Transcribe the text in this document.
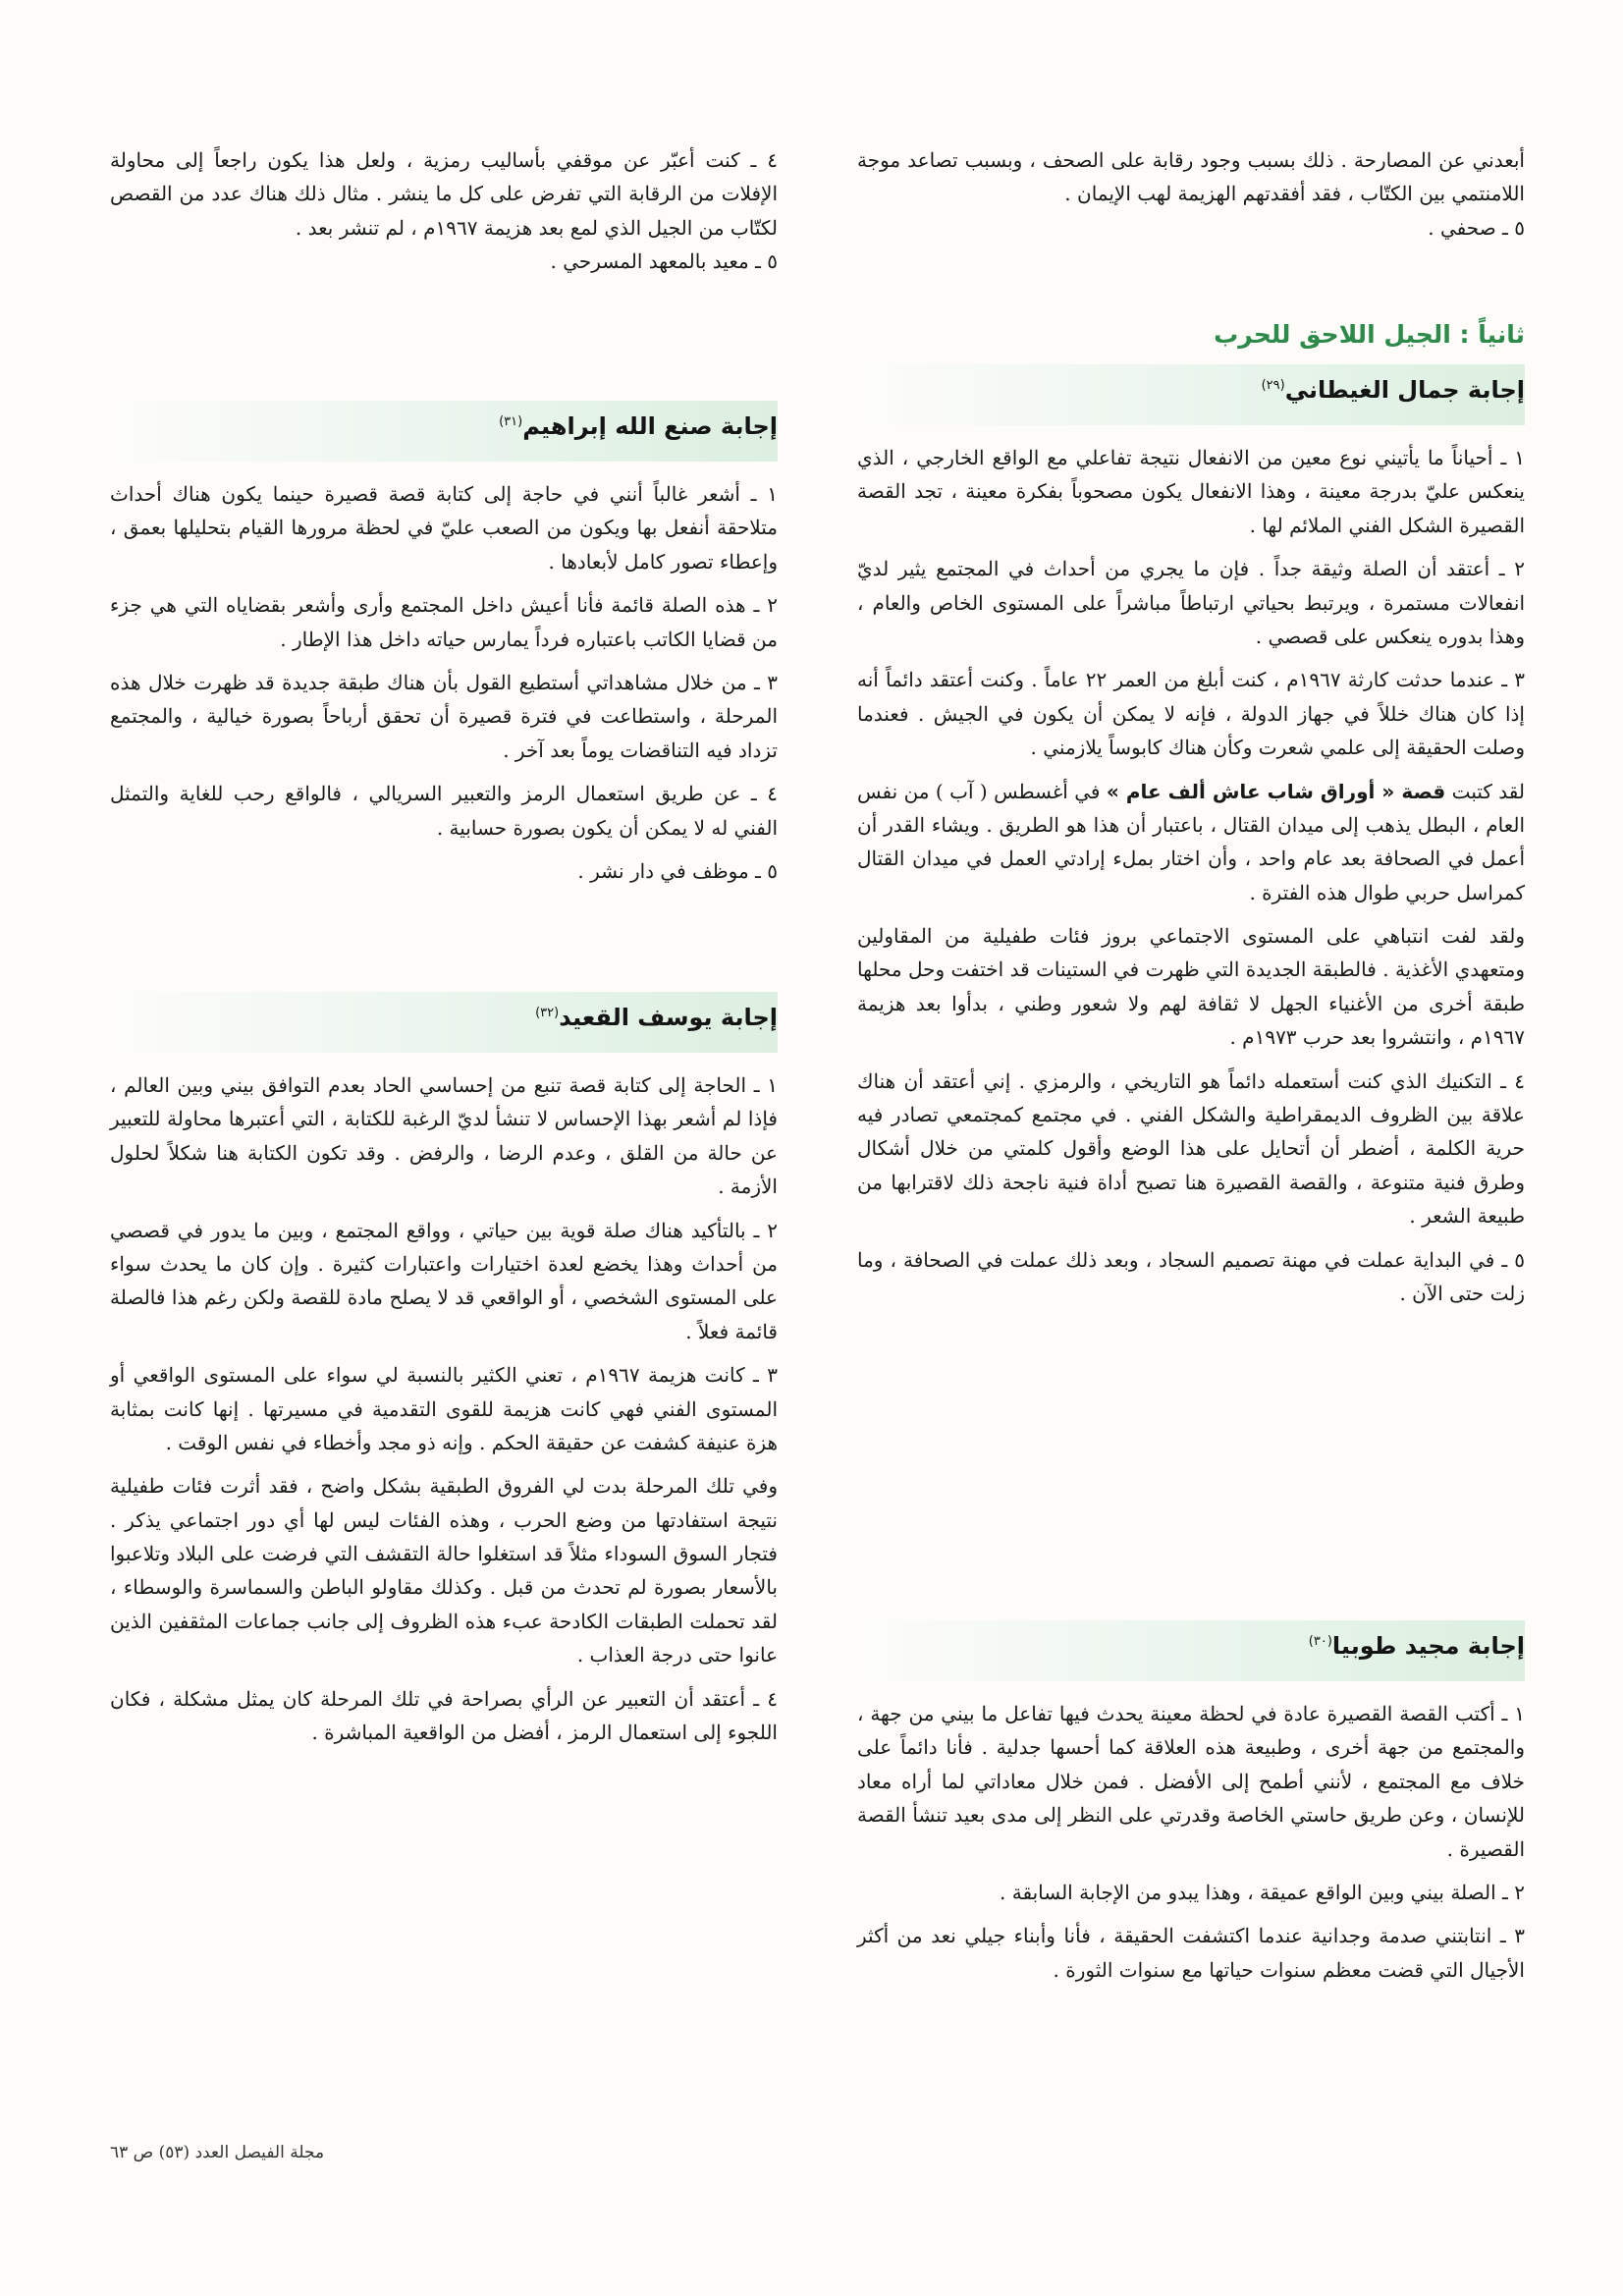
أبعدني عن المصارحة . ذلك بسبب وجود رقابة على الصحف ، وبسبب تصاعد موجة اللامنتمي بين الكتّاب ، فقد أفقدتهم الهزيمة لهب الإيمان .

٥ ـ صحفي .

ثانياً : الجيل اللاحق للحرب
إجابة جمال الغيطاني$^{(٢٩)}$

١ ـ أحياناً ما يأتيني نوع معين من الانفعال نتيجة تفاعلي مع الواقع الخارجي ، الذي ينعكس عليّ بدرجة معينة ، وهذا الانفعال يكون مصحوباً بفكرة معينة ، تجد القصة القصيرة الشكل الفني الملائم لها .

٢ ـ أعتقد أن الصلة وثيقة جداً . فإن ما يجري من أحداث في المجتمع يثير لديّ انفعالات مستمرة ، ويرتبط بحياتي ارتباطاً مباشراً على المستوى الخاص والعام ، وهذا بدوره ينعكس على قصصي .

٣ ـ عندما حدثت كارثة ١٩٦٧م ، كنت أبلغ من العمر ٢٢ عاماً . وكنت أعتقد دائماً أنه إذا كان هناك خللاً في جهاز الدولة ، فإنه لا يمكن أن يكون في الجيش . فعندما وصلت الحقيقة إلى علمي شعرت وكأن هناك كابوساً يلازمني .

لقد كتبت قصة « أوراق شاب عاش ألف عام » في أغسطس ( آب ) من نفس العام ، البطل يذهب إلى ميدان القتال ، باعتبار أن هذا هو الطريق . ويشاء القدر أن أعمل في الصحافة بعد عام واحد ، وأن اختار بملء إرادتي العمل في ميدان القتال كمراسل حربي طوال هذه الفترة .

ولقد لفت انتباهي على المستوى الاجتماعي بروز فئات طفيلية من المقاولين ومتعهدي الأغذية . فالطبقة الجديدة التي ظهرت في الستينات قد اختفت وحل محلها طبقة أخرى من الأغنياء الجهل لا ثقافة لهم ولا شعور وطني ، بدأوا بعد هزيمة ١٩٦٧م ، وانتشروا بعد حرب ١٩٧٣م .

٤ ـ التكنيك الذي كنت أستعمله دائماً هو التاريخي ، والرمزي . إني أعتقد أن هناك علاقة بين الظروف الديمقراطية والشكل الفني . في مجتمع كمجتمعي تصادر فيه حرية الكلمة ، أضطر أن أتحايل على هذا الوضع وأقول كلمتي من خلال أشكال وطرق فنية متنوعة ، والقصة القصيرة هنا تصبح أداة فنية ناجحة ذلك لاقترابها من طبيعة الشعر .

٥ ـ في البداية عملت في مهنة تصميم السجاد ، وبعد ذلك عملت في الصحافة ، وما زلت حتى الآن .

إجابة مجيد طوبيا$^{(٣٠)}$

١ ـ أكتب القصة القصيرة عادة في لحظة معينة يحدث فيها تفاعل ما بيني من جهة ، والمجتمع من جهة أخرى ، وطبيعة هذه العلاقة كما أحسها جدلية . فأنا دائماً على خلاف مع المجتمع ، لأنني أطمح إلى الأفضل . فمن خلال معاداتي لما أراه معاد للإنسان ، وعن طريق حاستي الخاصة وقدرتي على النظر إلى مدى بعيد تنشأ القصة القصيرة .

٢ ـ الصلة بيني وبين الواقع عميقة ، وهذا يبدو من الإجابة السابقة .

٣ ـ انتابتني صدمة وجدانية عندما اكتشفت الحقيقة ، فأنا وأبناء جيلي نعد من أكثر الأجيال التي قضت معظم سنوات حياتها مع سنوات الثورة .

٤ ـ كنت أعبّر عن موقفي بأساليب رمزية ، ولعل هذا يكون راجعاً إلى محاولة الإفلات من الرقابة التي تفرض على كل ما ينشر . مثال ذلك هناك عدد من القصص لكتّاب من الجيل الذي لمع بعد هزيمة ١٩٦٧م ، لم تنشر بعد .

٥ ـ معيد بالمعهد المسرحي .

إجابة صنع الله إبراهيم$^{(٣١)}$

١ ـ أشعر غالباً أنني في حاجة إلى كتابة قصة قصيرة حينما يكون هناك أحداث متلاحقة أنفعل بها ويكون من الصعب عليّ في لحظة مرورها القيام بتحليلها بعمق ، وإعطاء تصور كامل لأبعادها .

٢ ـ هذه الصلة قائمة فأنا أعيش داخل المجتمع وأرى وأشعر بقضاياه التي هي جزء من قضايا الكاتب باعتباره فرداً يمارس حياته داخل هذا الإطار .

٣ ـ من خلال مشاهداتي أستطيع القول بأن هناك طبقة جديدة قد ظهرت خلال هذه المرحلة ، واستطاعت في فترة قصيرة أن تحقق أرباحاً بصورة خيالية ، والمجتمع تزداد فيه التناقضات يوماً بعد آخر .

٤ ـ عن طريق استعمال الرمز والتعبير السريالي ، فالواقع رحب للغاية والتمثل الفني له لا يمكن أن يكون بصورة حسابية .

٥ ـ موظف في دار نشر .

إجابة يوسف القعيد$^{(٣٢)}$

١ ـ الحاجة إلى كتابة قصة تنبع من إحساسي الحاد بعدم التوافق بيني وبين العالم ، فإذا لم أشعر بهذا الإحساس لا تنشأ لديّ الرغبة للكتابة ، التي أعتبرها محاولة للتعبير عن حالة من القلق ، وعدم الرضا ، والرفض . وقد تكون الكتابة هنا شكلاً لحلول الأزمة .

٢ ـ بالتأكيد هناك صلة قوية بين حياتي ، وواقع المجتمع ، وبين ما يدور في قصصي من أحداث وهذا يخضع لعدة اختيارات واعتبارات كثيرة . وإن كان ما يحدث سواء على المستوى الشخصي ، أو الواقعي قد لا يصلح مادة للقصة ولكن رغم هذا فالصلة قائمة فعلاً .

٣ ـ كانت هزيمة ١٩٦٧م ، تعني الكثير بالنسبة لي سواء على المستوى الواقعي أو المستوى الفني فهي كانت هزيمة للقوى التقدمية في مسيرتها . إنها كانت بمثابة هزة عنيفة كشفت عن حقيقة الحكم . وإنه ذو مجد وأخطاء في نفس الوقت .

وفي تلك المرحلة بدت لي الفروق الطبقية بشكل واضح ، فقد أثرت فئات طفيلية نتيجة استفادتها من وضع الحرب ، وهذه الفئات ليس لها أي دور اجتماعي يذكر . فتجار السوق السوداء مثلاً قد استغلوا حالة التقشف التي فرضت على البلاد وتلاعبوا بالأسعار بصورة لم تحدث من قبل . وكذلك مقاولو الباطن والسماسرة والوسطاء ، لقد تحملت الطبقات الكادحة عبء هذه الظروف إلى جانب جماعات المثقفين الذين عانوا حتى درجة العذاب .

٤ ـ أعتقد أن التعبير عن الرأي بصراحة في تلك المرحلة كان يمثل مشكلة ، فكان اللجوء إلى استعمال الرمز ، أفضل من الواقعية المباشرة .

مجلة الفيصل العدد (٥٣) ص ٦٣
